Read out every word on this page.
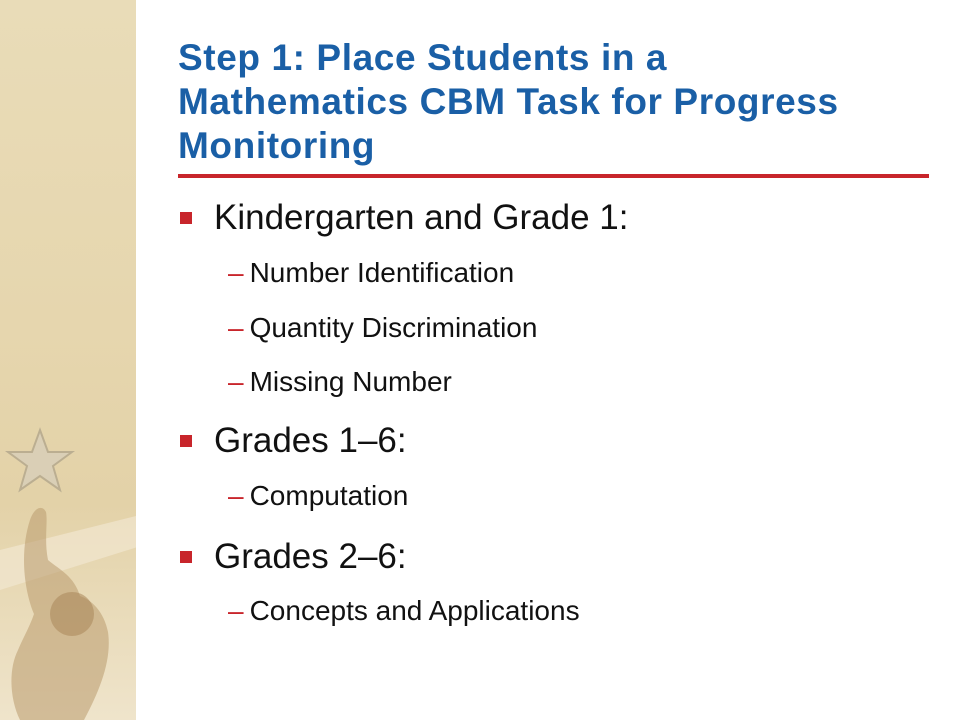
Step 1: Place Students in a Mathematics CBM Task for Progress Monitoring
Kindergarten and Grade 1:
– Number Identification
– Quantity Discrimination
– Missing Number
Grades 1–6:
– Computation
Grades 2–6:
– Concepts and Applications
